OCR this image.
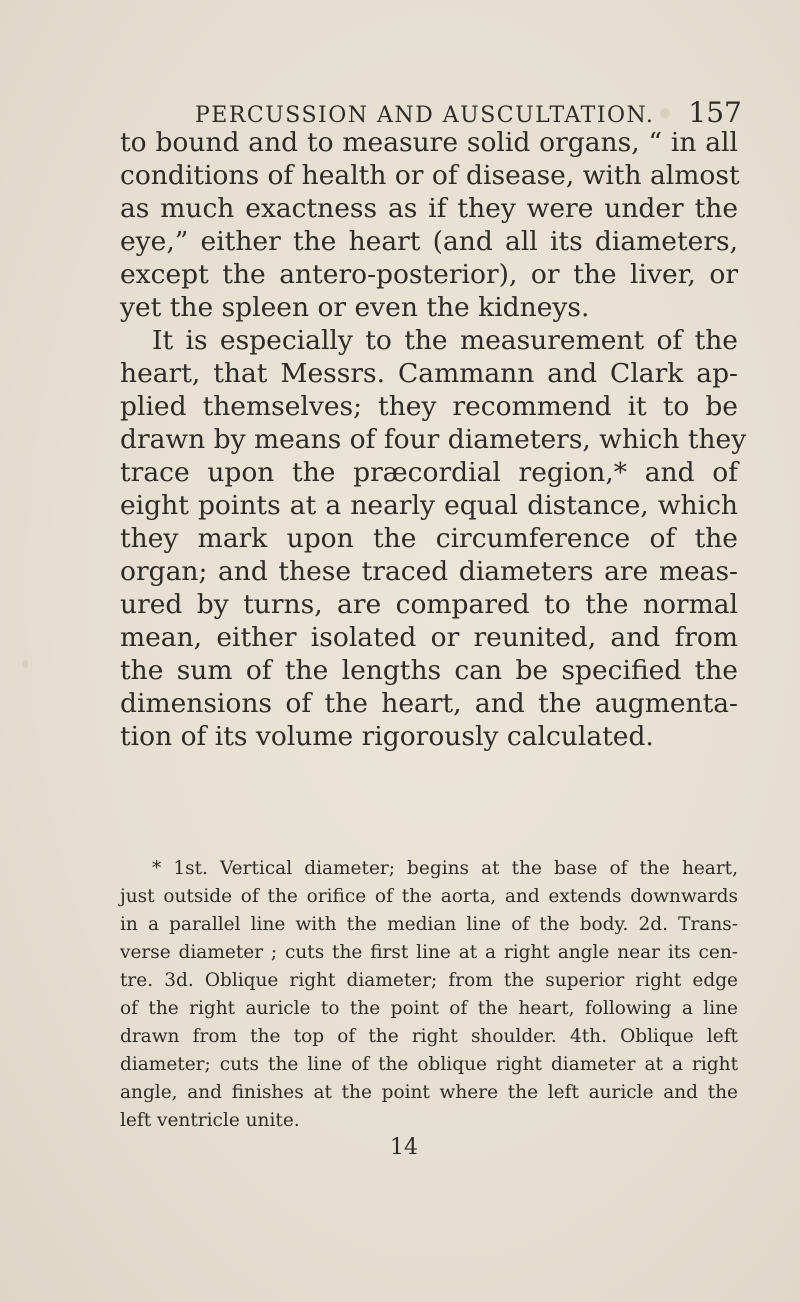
PERCUSSION AND AUSCULTATION. 157
to bound and to measure solid organs, “ in all
conditions of health or of disease, with almost
as much exactness as if they were under the
eye,” either the heart (and all its diameters,
except the antero-posterior), or the liver, or
yet the spleen or even the kidneys.
It is especially to the measurement of the
heart, that Messrs. Cammann and Clark ap-
plied themselves; they recommend it to be
drawn by means of four diameters, which they
trace upon the præcordial region,* and of
eight points at a nearly equal distance, which
they mark upon the circumference of the
organ; and these traced diameters are meas-
ured by turns, are compared to the normal
mean, either isolated or reunited, and from
the sum of the lengths can be specified the
dimensions of the heart, and the augmenta-
tion of its volume rigorously calculated.
* 1st. Vertical diameter; begins at the base of the heart,
just outside of the orifice of the aorta, and extends downwards
in a parallel line with the median line of the body. 2d. Trans-
verse diameter ; cuts the first line at a right angle near its cen-
tre. 3d. Oblique right diameter; from the superior right edge
of the right auricle to the point of the heart, following a line
drawn from the top of the right shoulder. 4th. Oblique left
diameter; cuts the line of the oblique right diameter at a right
angle, and finishes at the point where the left auricle and the
left ventricle unite.
14
